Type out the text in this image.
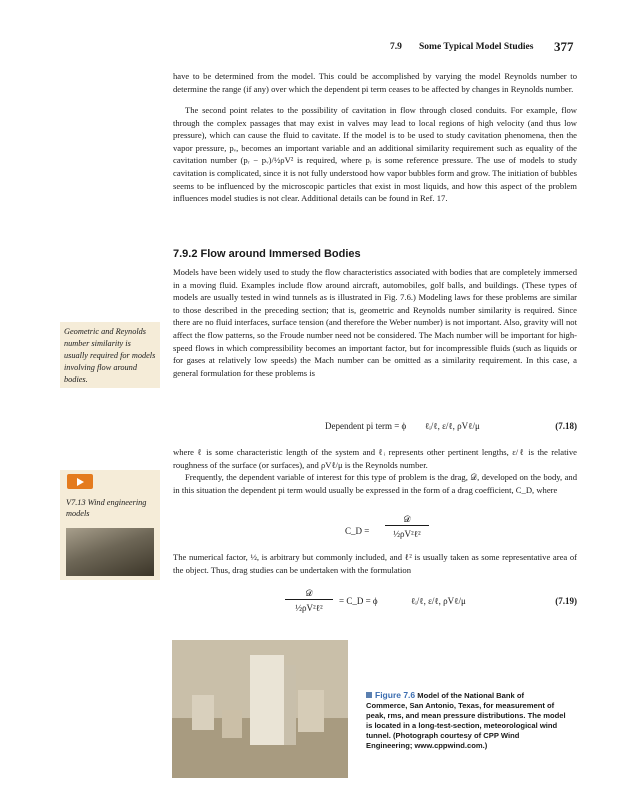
7.9 Some Typical Model Studies 377

have to be determined from the model. This could be accomplished by varying the model Reynolds number to determine the range (if any) over which the dependent pi term ceases to be affected by changes in Reynolds number.

The second point relates to the possibility of cavitation in flow through closed conduits. For example, flow through the complex passages that may exist in valves may lead to local regions of high velocity (and thus low pressure), which can cause the fluid to cavitate. If the model is to be used to study cavitation phenomena, then the vapor pressure, pᵥ, becomes an important variable and an additional similarity requirement such as equality of the cavitation number (pᵣ − pᵥ)/½ρV² is required, where pᵣ is some reference pressure. The use of models to study cavitation is complicated, since it is not fully understood how vapor bubbles form and grow. The initiation of bubbles seems to be influenced by the microscopic particles that exist in most liquids, and how this aspect of the problem influences model studies is not clear. Additional details can be found in Ref. 17.

7.9.2 Flow around Immersed Bodies

Models have been widely used to study the flow characteristics associated with bodies that are completely immersed in a moving fluid. Examples include flow around aircraft, automobiles, golf balls, and buildings. (These types of models are usually tested in wind tunnels as is illustrated in Fig. 7.6.) Modeling laws for these problems are similar to those described in the preceding section; that is, geometric and Reynolds number similarity is required. Since there are no fluid interfaces, surface tension (and therefore the Weber number) is not important. Also, gravity will not affect the flow patterns, so the Froude number need not be considered. The Mach number will be important for high-speed flows in which compressibility becomes an important factor, but for incompressible fluids (such as liquids or for gases at relatively low speeds) the Mach number can be omitted as a similarity requirement. In this case, a general formulation for these problems is

Geometric and Reynolds number similarity is usually required for models involving flow around bodies.
Dependent pi term = ϕ ℓᵢ/ℓ, ε/ℓ, ρVℓ/μ	(7.18)

where ℓ is some characteristic length of the system and ℓᵢ represents other pertinent lengths, ε/ℓ is the relative roughness of the surface (or surfaces), and ρVℓ/μ is the Reynolds number.

Frequently, the dependent variable of interest for this type of problem is the drag, 𝒟, developed on the body, and in this situation the dependent pi term would usually be expressed in the form of a drag coefficient, C_D, where

V7.13 Wind engineering models
C_D =
𝒟
½ρV²ℓ²

The numerical factor, ½, is arbitrary but commonly included, and ℓ² is usually taken as some representative area of the object. Thus, drag studies can be undertaken with the formulation

𝒟
½ρV²ℓ²
= C_D = ϕ	ℓᵢ/ℓ, ε/ℓ, ρVℓ/μ	(7.19)
Figure 7.6 Model of the National Bank of Commerce, San Antonio, Texas, for measurement of peak, rms, and mean pressure distributions. The model is located in a long-test-section, meteorological wind tunnel. (Photograph courtesy of CPP Wind Engineering; www.cppwind.com.)
